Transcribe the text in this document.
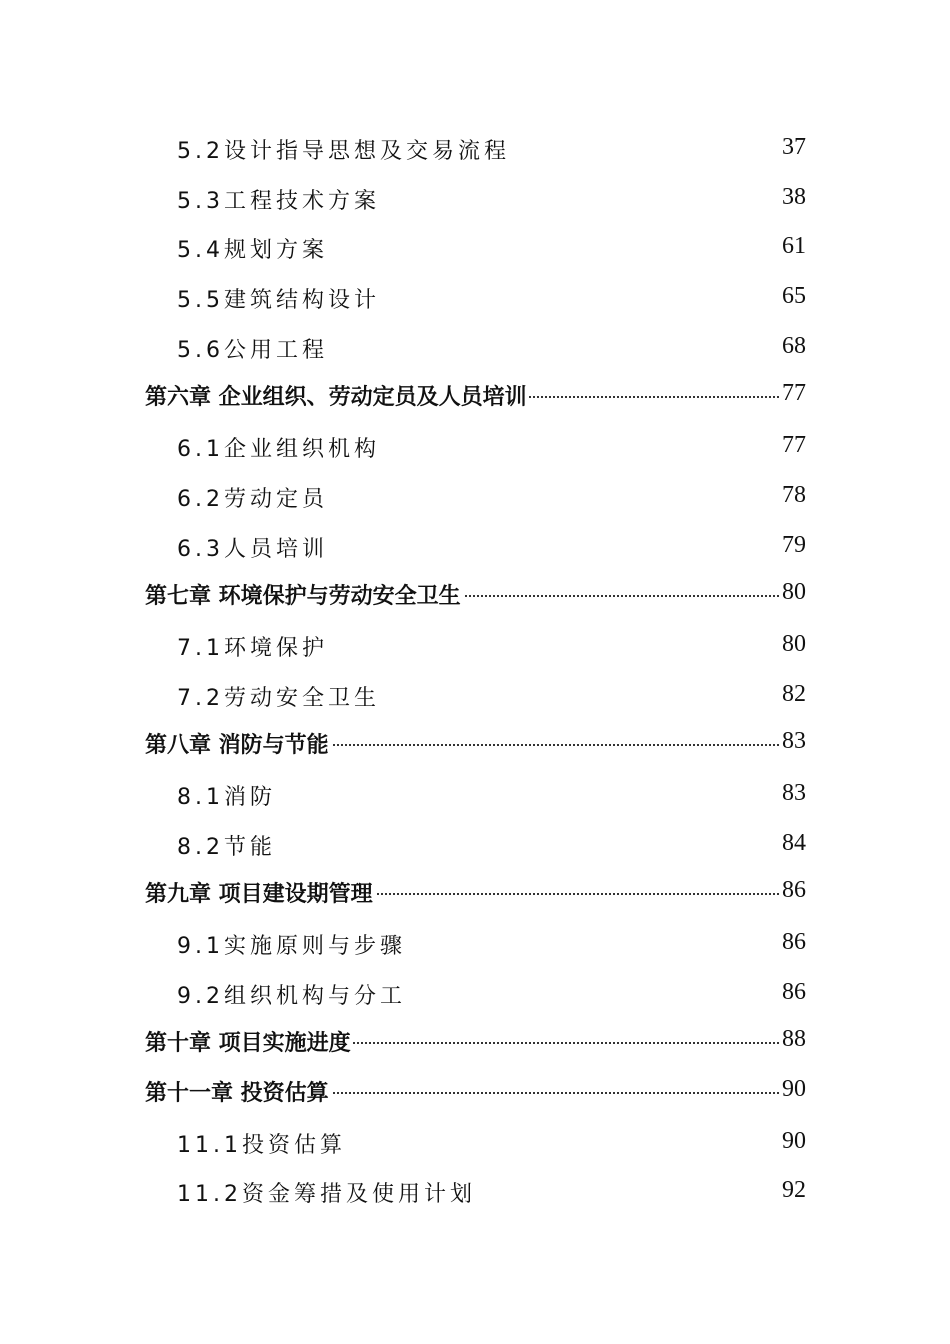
5.2设计指导思想及交易流程	37
5.3工程技术方案	38
5.4规划方案	61
5.5建筑结构设计	65
5.6公用工程	68
第六章 企业组织、劳动定员及人员培训	77
6.1企业组织机构	77
6.2劳动定员	78
6.3人员培训	79
第七章 环境保护与劳动安全卫生	80
7.1环境保护	80
7.2劳动安全卫生	82
第八章 消防与节能	83
8.1消防	83
8.2节能	84
第九章 项目建设期管理	86
9.1实施原则与步骤	86
9.2组织机构与分工	86
第十章 项目实施进度	88
第十一章 投资估算	90
11.1投资估算	90
11.2资金筹措及使用计划	92
